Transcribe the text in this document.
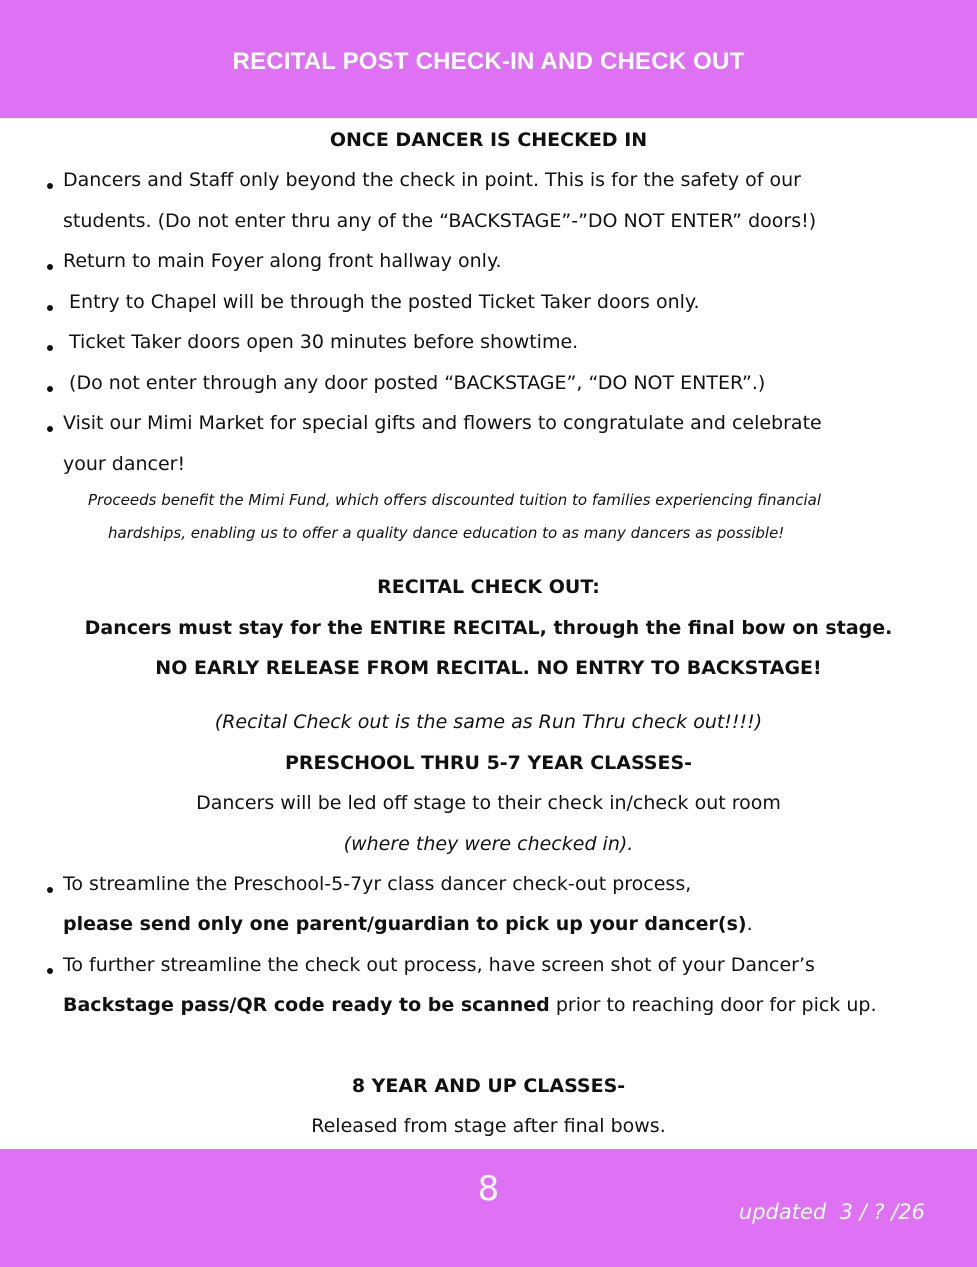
RECITAL POST CHECK-IN AND CHECK OUT
ONCE DANCER IS CHECKED IN
Dancers and Staff only beyond the check in point. This is for the safety of our
students. (Do not enter thru any of the “BACKSTAGE”-”DO NOT ENTER” doors!)
Return to main Foyer along front hallway only.
Entry to Chapel will be through the posted Ticket Taker doors only.
Ticket Taker doors open 30 minutes before showtime.
(Do not enter through any door posted “BACKSTAGE”, “DO NOT ENTER”.)
Visit our Mimi Market for special gifts and flowers to congratulate and celebrate
your dancer!
Proceeds benefit the Mimi Fund, which offers discounted tuition to families experiencing financial
hardships, enabling us to offer a quality dance education to as many dancers as possible!
RECITAL CHECK OUT:
Dancers must stay for the ENTIRE RECITAL, through the final bow on stage.
NO EARLY RELEASE FROM RECITAL. NO ENTRY TO BACKSTAGE!
(Recital Check out is the same as Run Thru check out!!!!)
PRESCHOOL THRU 5-7 YEAR CLASSES-
Dancers will be led off stage to their check in/check out room
(where they were checked in).
To streamline the Preschool-5-7yr class dancer check-out process,
please send only one parent/guardian to pick up your dancer(s).
To further streamline the check out process, have screen shot of your Dancer’s
Backstage pass/QR code ready to be scanned prior to reaching door for pick up.
8 YEAR AND UP CLASSES-
Released from stage after final bows.
8
updated  3 / ? /26
